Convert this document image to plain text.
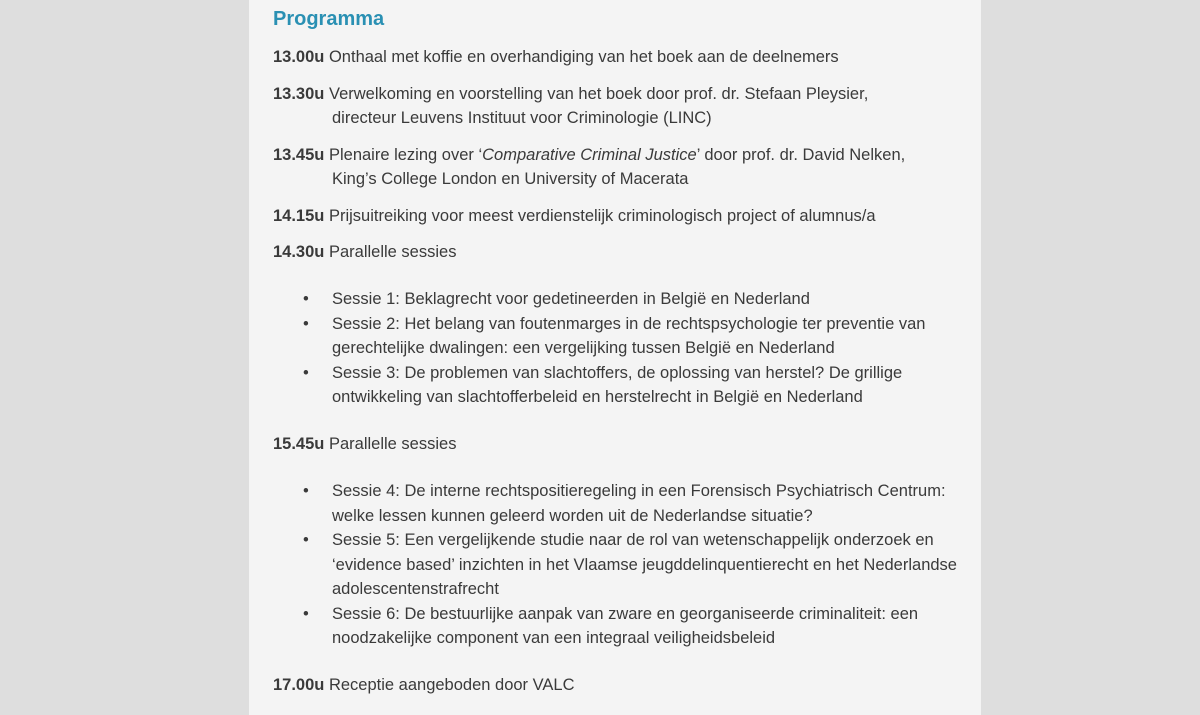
Programma
13.00u Onthaal met koffie en overhandiging van het boek aan de deelnemers
13.30u Verwelkoming en voorstelling van het boek door prof. dr. Stefaan Pleysier,
directeur Leuvens Instituut voor Criminologie (LINC)
13.45u Plenaire lezing over ‘Comparative Criminal Justice’ door prof. dr. David Nelken,
King’s College London en University of Macerata
14.15u Prijsuitreiking voor meest verdienstelijk criminologisch project of alumnus/a
14.30u Parallelle sessies
• Sessie 1: Beklagrecht voor gedetineerden in België en Nederland
• Sessie 2: Het belang van foutenmarges in de rechtspsychologie ter preventie van
gerechtelijke dwalingen: een vergelijking tussen België en Nederland
• Sessie 3: De problemen van slachtoffers, de oplossing van herstel? De grillige
ontwikkeling van slachtofferbeleid en herstelrecht in België en Nederland
15.45u Parallelle sessies
• Sessie 4: De interne rechtspositieregeling in een Forensisch Psychiatrisch Centrum:
welke lessen kunnen geleerd worden uit de Nederlandse situatie?
• Sessie 5: Een vergelijkende studie naar de rol van wetenschappelijk onderzoek en
‘evidence based’ inzichten in het Vlaamse jeugddelinquentierecht en het Nederlandse
adolescentenstrafrecht
• Sessie 6: De bestuurlijke aanpak van zware en georganiseerde criminaliteit: een
noodzakelijke component van een integraal veiligheidsbeleid
17.00u Receptie aangeboden door VALC
